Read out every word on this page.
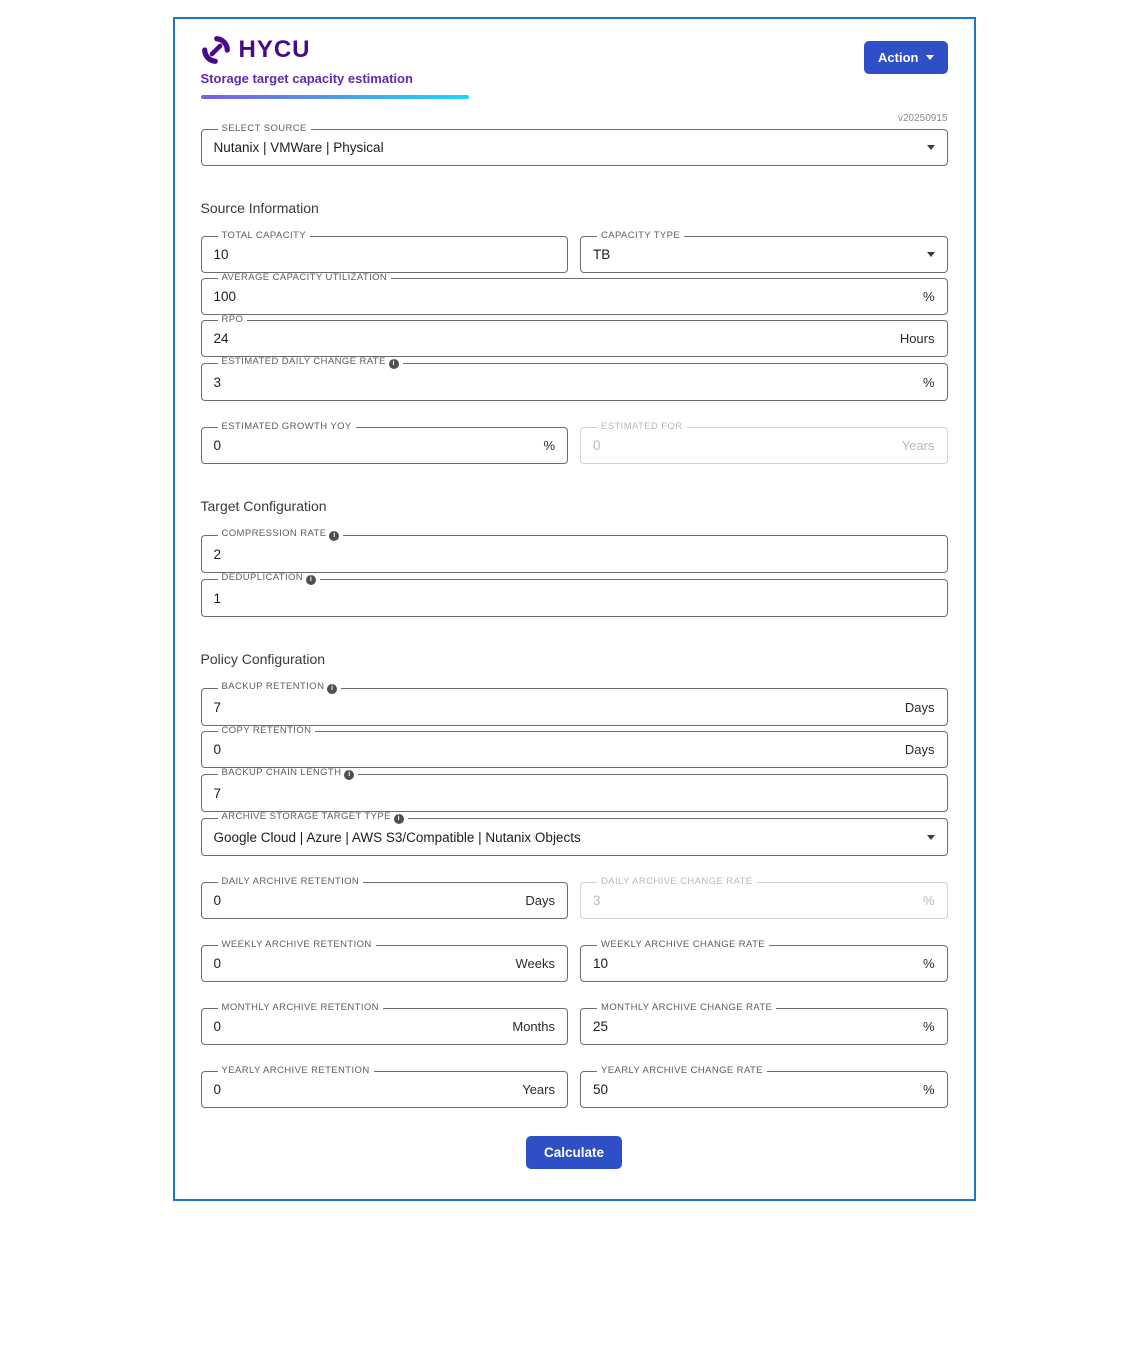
HYCU
Storage target capacity estimation
Action
v20250915
SELECT SOURCE
Nutanix | VMWare | Physical
Source Information
TOTAL CAPACITY
10	CAPACITY TYPE
TB
AVERAGE CAPACITY UTILIZATION
100
%
RPO
24
Hours
ESTIMATED DAILY CHANGE RATE i
3
%
ESTIMATED GROWTH YOY
0
%
ESTIMATED FOR
0
Years
Target Configuration
COMPRESSION RATE i
2
DEDUPLICATION i
1
Policy Configuration
BACKUP RETENTION i
7
Days
COPY RETENTION
0
Days
BACKUP CHAIN LENGTH i
7
ARCHIVE STORAGE TARGET TYPE i
Google Cloud | Azure | AWS S3/Compatible | Nutanix Objects
DAILY ARCHIVE RETENTION
0
Days
DAILY ARCHIVE CHANGE RATE
3
%
WEEKLY ARCHIVE RETENTION
0
Weeks
WEEKLY ARCHIVE CHANGE RATE
10
%
MONTHLY ARCHIVE RETENTION
0
Months
MONTHLY ARCHIVE CHANGE RATE
25
%
YEARLY ARCHIVE RETENTION
0
Years
YEARLY ARCHIVE CHANGE RATE
50
%
Calculate
